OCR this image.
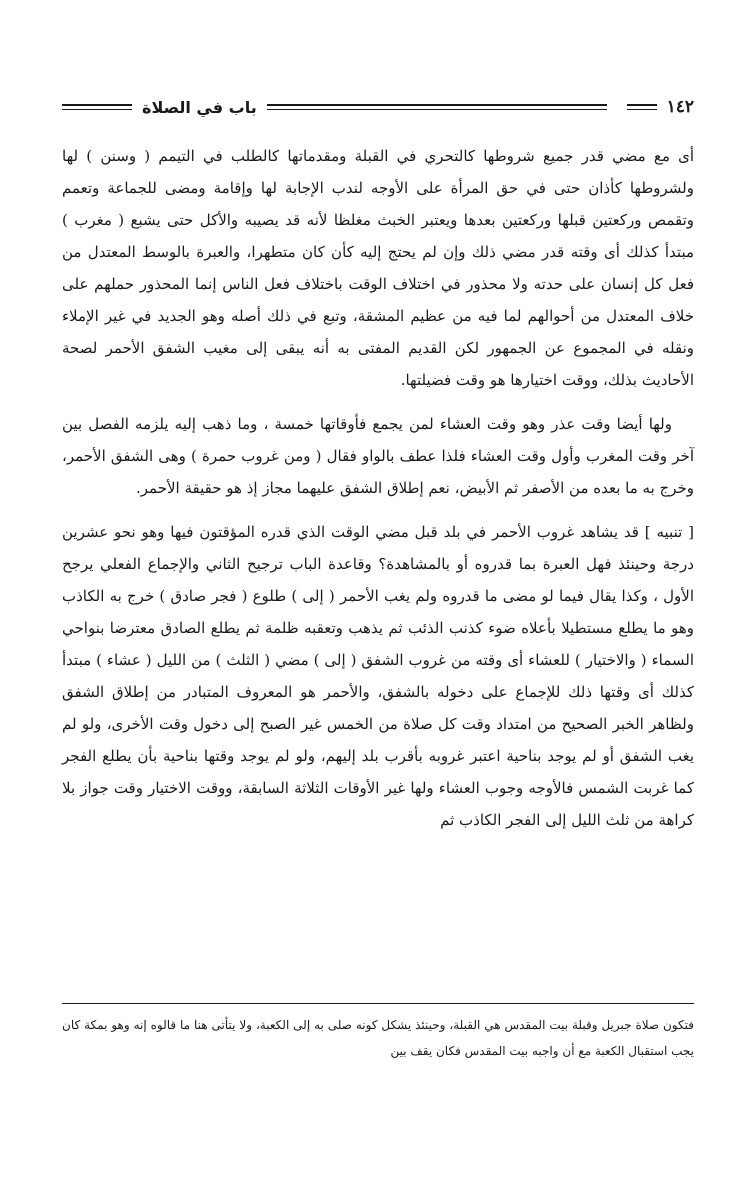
١٤٢
باب في الصلاة

أى مع مضي قدر جميع شروطها كالتحري في القبلة ومقدماتها كالطلب في التيمم ( وسنن ) لها ولشروطها كأذان حتى في حق المرأة على الأوجه لندب الإجابة لها وإقامة ومضى للجماعة وتعمم وتقمص وركعتين قبلها وركعتين بعدها ويعتبر الخبث مغلظا لأنه قد يصيبه والأكل حتى يشبع ( مغرب ) مبتدأ كذلك أى وقته قدر مضي ذلك وإن لم يحتج إليه كأن كان متطهرا، والعبرة بالوسط المعتدل من فعل كل إنسان على حدته ولا محذور في اختلاف الوقت باختلاف فعل الناس إنما المحذور حملهم على خلاف المعتدل من أحوالهم لما فيه من عظيم المشقة، وتبع في ذلك أصله وهو الجديد في غير الإملاء ونقله في المجموع عن الجمهور لكن القديم المفتى به أنه يبقى إلى مغيب الشفق الأحمر لصحة الأحاديث بذلك، ووقت اختيارها هو وقت فضيلتها.

ولها أيضا وقت عذر وهو وقت العشاء لمن يجمع فأوقاتها خمسة ، وما ذهب إليه يلزمه الفصل بين آخر وقت المغرب وأول وقت العشاء فلذا عطف بالواو فقال ( ومن غروب حمرة ) وهى الشفق الأحمر، وخرج به ما بعده من الأصفر ثم الأبيض، نعم إطلاق الشفق عليهما مجاز إذ هو حقيقة الأحمر.

[ تنبيه ] قد يشاهد غروب الأحمر في بلد قبل مضي الوقت الذي قدره المؤقتون فيها وهو نحو عشرين درجة وحينئذ فهل العبرة بما قدروه أو بالمشاهدة؟ وقاعدة الباب ترجيح الثاني والإجماع الفعلي يرجح الأول ، وكذا يقال فيما لو مضى ما قدروه ولم يغب الأحمر ( إلى ) طلوع ( فجر صادق ) خرج به الكاذب وهو ما يطلع مستطيلا بأعلاه ضوء كذنب الذئب ثم يذهب وتعقبه ظلمة ثم يطلع الصادق معترضا بنواحي السماء ( والاختيار ) للعشاء أى وقته من غروب الشفق ( إلى ) مضي ( الثلث ) من الليل ( عشاء ) مبتدأ كذلك أى وقتها ذلك للإجماع على دخوله بالشفق، والأحمر هو المعروف المتبادر من إطلاق الشفق ولظاهر الخبر الصحيح من امتداد وقت كل صلاة من الخمس غير الصبح إلى دخول وقت الأخرى، ولو لم يغب الشفق أو لم يوجد بناحية اعتبر غروبه بأقرب بلد إليهم، ولو لم يوجد وقتها بناحية بأن يطلع الفجر كما غربت الشمس فالأوجه وجوب العشاء ولها غير الأوقات الثلاثة السابقة، ووقت الاختيار وقت جواز بلا كراهة من ثلث الليل إلى الفجر الكاذب ثم

فتكون صلاة جبريل وقبلة بيت المقدس هي القبلة، وحينئذ يشكل كونه صلى به إلى الكعبة، ولا يتأتى هنا ما قالوه إنه وهو بمكة كان يجب استقبال الكعبة مع أن واجبه بيت المقدس فكان يقف بين
